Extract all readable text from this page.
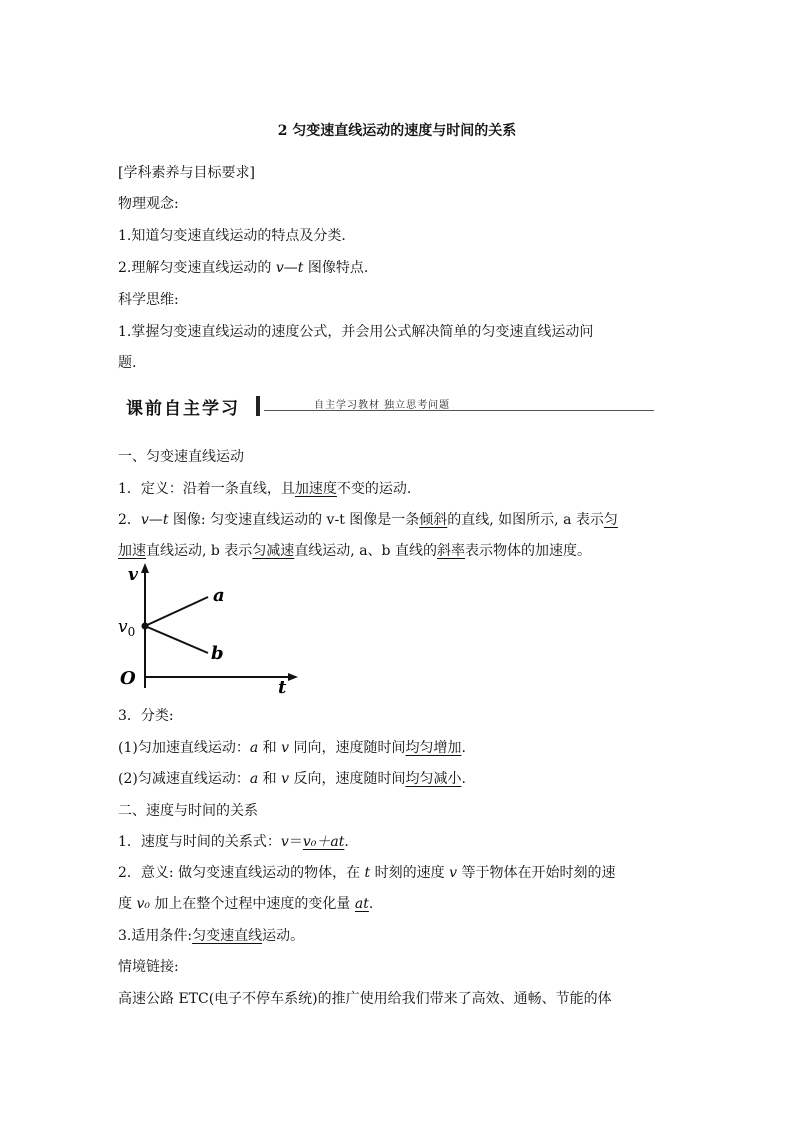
2 匀变速直线运动的速度与时间的关系
[学科素养与目标要求]
物理观念:
1.知道匀变速直线运动的特点及分类.
2.理解匀变速直线运动的 v—t 图像特点.
科学思维:
1.掌握匀变速直线运动的速度公式，并会用公式解决简单的匀变速直线运动问
题.
课前自主学习	自主学习教材 独立思考问题
一、匀变速直线运动
1．定义：沿着一条直线，且加速度不变的运动.
2．v—t 图像: 匀变速直线运动的 v-t 图像是一条倾斜的直线, 如图所示, a 表示匀
加速直线运动, b 表示匀减速直线运动, a、b 直线的斜率表示物体的加速度。
v
t
O
$v_0$
a
b
3．分类:
(1)匀加速直线运动：a 和 v 同向，速度随时间均匀增加.
(2)匀减速直线运动：a 和 v 反向，速度随时间均匀减小.
二、速度与时间的关系
1．速度与时间的关系式：v＝v₀＋at.
2．意义: 做匀变速直线运动的物体，在 t 时刻的速度 v 等于物体在开始时刻的速
度 v₀ 加上在整个过程中速度的变化量 at.
3.适用条件:匀变速直线运动。
情境链接:
高速公路 ETC(电子不停车系统)的推广使用给我们带来了高效、通畅、节能的体
